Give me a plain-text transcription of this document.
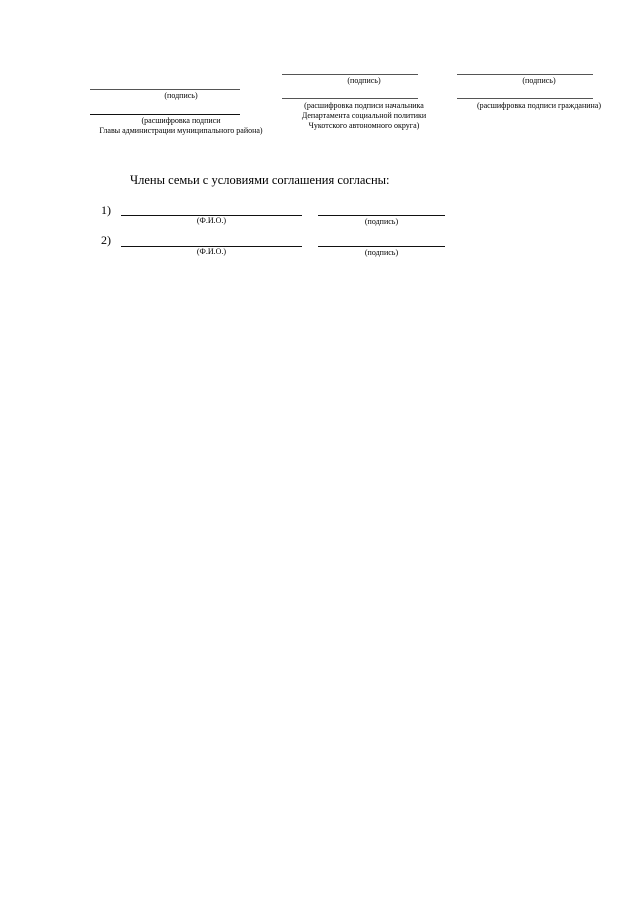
(подпись)
(расшифровка подписи
Главы администрации муниципального района)
(подпись)
(расшифровка подписи начальника
Департамента социальной политики
Чукотского автономного округа)
(подпись)
(расшифровка подписи гражданина)
Члены семьи с условиями соглашения согласны:
1)
(Ф.И.О.)	(подпись)
2)
(Ф.И.О.)	(подпись)
